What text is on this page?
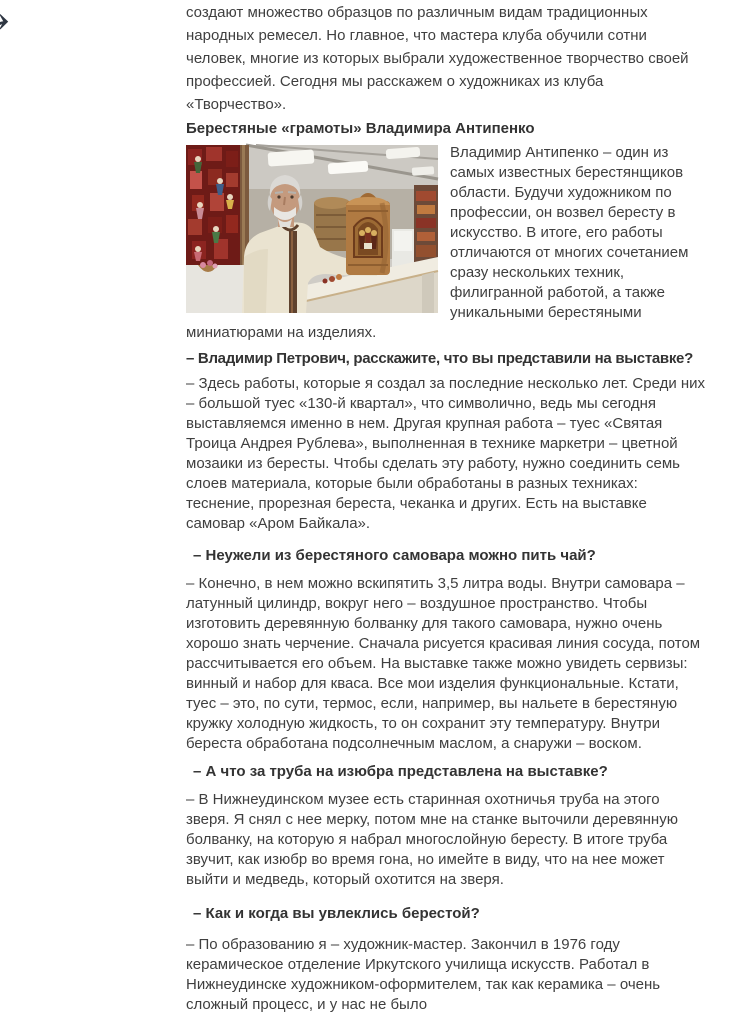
создают множество образцов по различным видам традиционных народных ремесел. Но главное, что мастера клуба обучили сотни человек, многие из которых выбрали художественное творчество своей профессией. Сегодня мы расскажем о художниках из клуба «Творчество».

Берестяные «грамоты» Владимира Антипенко

Владимир Антипенко – один из самых известных берестянщиков области. Будучи художником по профессии, он возвел бересту в искусство. В итоге, его работы отличаются от многих сочетанием сразу нескольких техник, филигранной работой, а также уникальными берестяными миниатюрами на изделиях.

– Владимир Петрович, расскажите, что вы представили на выставке?

– Здесь работы, которые я создал за последние несколько лет. Среди них – большой туес «130-й квартал», что символично, ведь мы сегодня выставляемся именно в нем. Другая крупная работа – туес «Святая Троица Андрея Рублева», выполненная в технике маркетри – цветной мозаики из бересты. Чтобы сделать эту работу, нужно соединить семь слоев материала, которые были обработаны в разных техниках: теснение, прорезная береста, чеканка и других. Есть на выставке самовар «Аром Байкала».

– Неужели из берестяного самовара можно пить чай?

– Конечно, в нем можно вскипятить 3,5 литра воды. Внутри самовара – латунный цилиндр, вокруг него – воздушное пространство. Чтобы изготовить деревянную болванку для такого самовара, нужно очень хорошо знать черчение. Сначала рисуется красивая линия сосуда, потом рассчитывается его объем. На выставке также можно увидеть сервизы: винный и набор для кваса. Все мои изделия функциональные. Кстати, туес – это, по сути, термос, если, например, вы нальете в берестяную кружку холодную жидкость, то он сохранит эту температуру. Внутри береста обработана подсолнечным маслом, а снаружи – воском.

– А что за труба на изюбра представлена на выставке?

– В Нижнеудинском музее есть старинная охотничья труба на этого зверя. Я снял с нее мерку, потом мне на станке выточили деревянную болванку, на которую я набрал многослойную бересту. В итоге труба звучит, как изюбр во время гона, но имейте в виду, что на нее может выйти и медведь, который охотится на зверя.

– Как и когда вы увлеклись берестой?

– По образованию я – художник-мастер. Закончил в 1976 году керамическое отделение Иркутского училища искусств. Работал в Нижнеудинске художником-оформителем, так как керамика – очень сложный процесс, и у нас не было
